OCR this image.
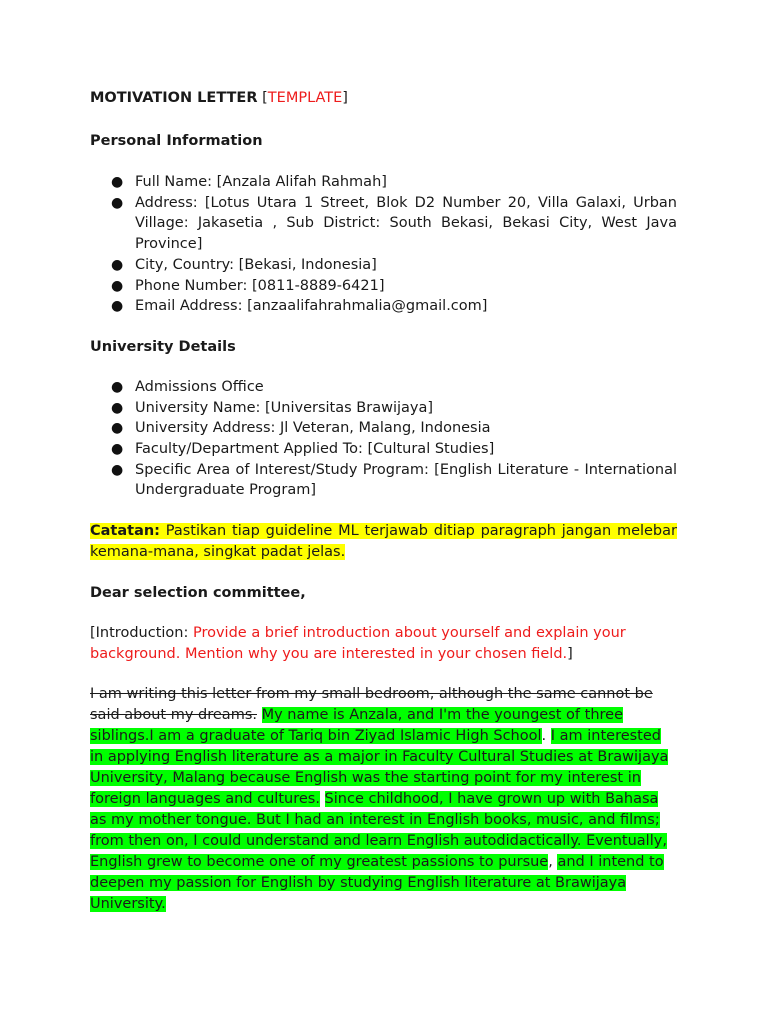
MOTIVATION LETTER [TEMPLATE]
Personal Information
● Full Name: [Anzala Alifah Rahmah]
● Address: [Lotus Utara 1 Street, Blok D2 Number 20, Villa Galaxi, Urban Village: Jakasetia , Sub District: South Bekasi, Bekasi City, West Java Province]
● City, Country: [Bekasi, Indonesia]
● Phone Number: [0811-8889-6421]
● Email Address: [anzaalifahrahmalia@gmail.com]
University Details
● Admissions Office
● University Name: [Universitas Brawijaya]
● University Address: Jl Veteran, Malang, Indonesia
● Faculty/Department Applied To: [Cultural Studies]
● Specific Area of Interest/Study Program: [English Literature - International Undergraduate Program]
Catatan: Pastikan tiap guideline ML terjawab ditiap paragraph jangan melebar kemana-mana, singkat padat jelas.
Dear selection committee,
[Introduction: Provide a brief introduction about yourself and explain your background. Mention why you are interested in your chosen field.]
I am writing this letter from my small bedroom, although the same cannot be said about my dreams. My name is Anzala, and I'm the youngest of three siblings.I am a graduate of Tariq bin Ziyad Islamic High School. I am interested in applying English literature as a major in Faculty Cultural Studies at Brawijaya University, Malang because English was the starting point for my interest in foreign languages and cultures. Since childhood, I have grown up with Bahasa as my mother tongue. But I had an interest in English books, music, and films; from then on, I could understand and learn English autodidactically. Eventually, English grew to become one of my greatest passions to pursue, and I intend to deepen my passion for English by studying English literature at Brawijaya University.
